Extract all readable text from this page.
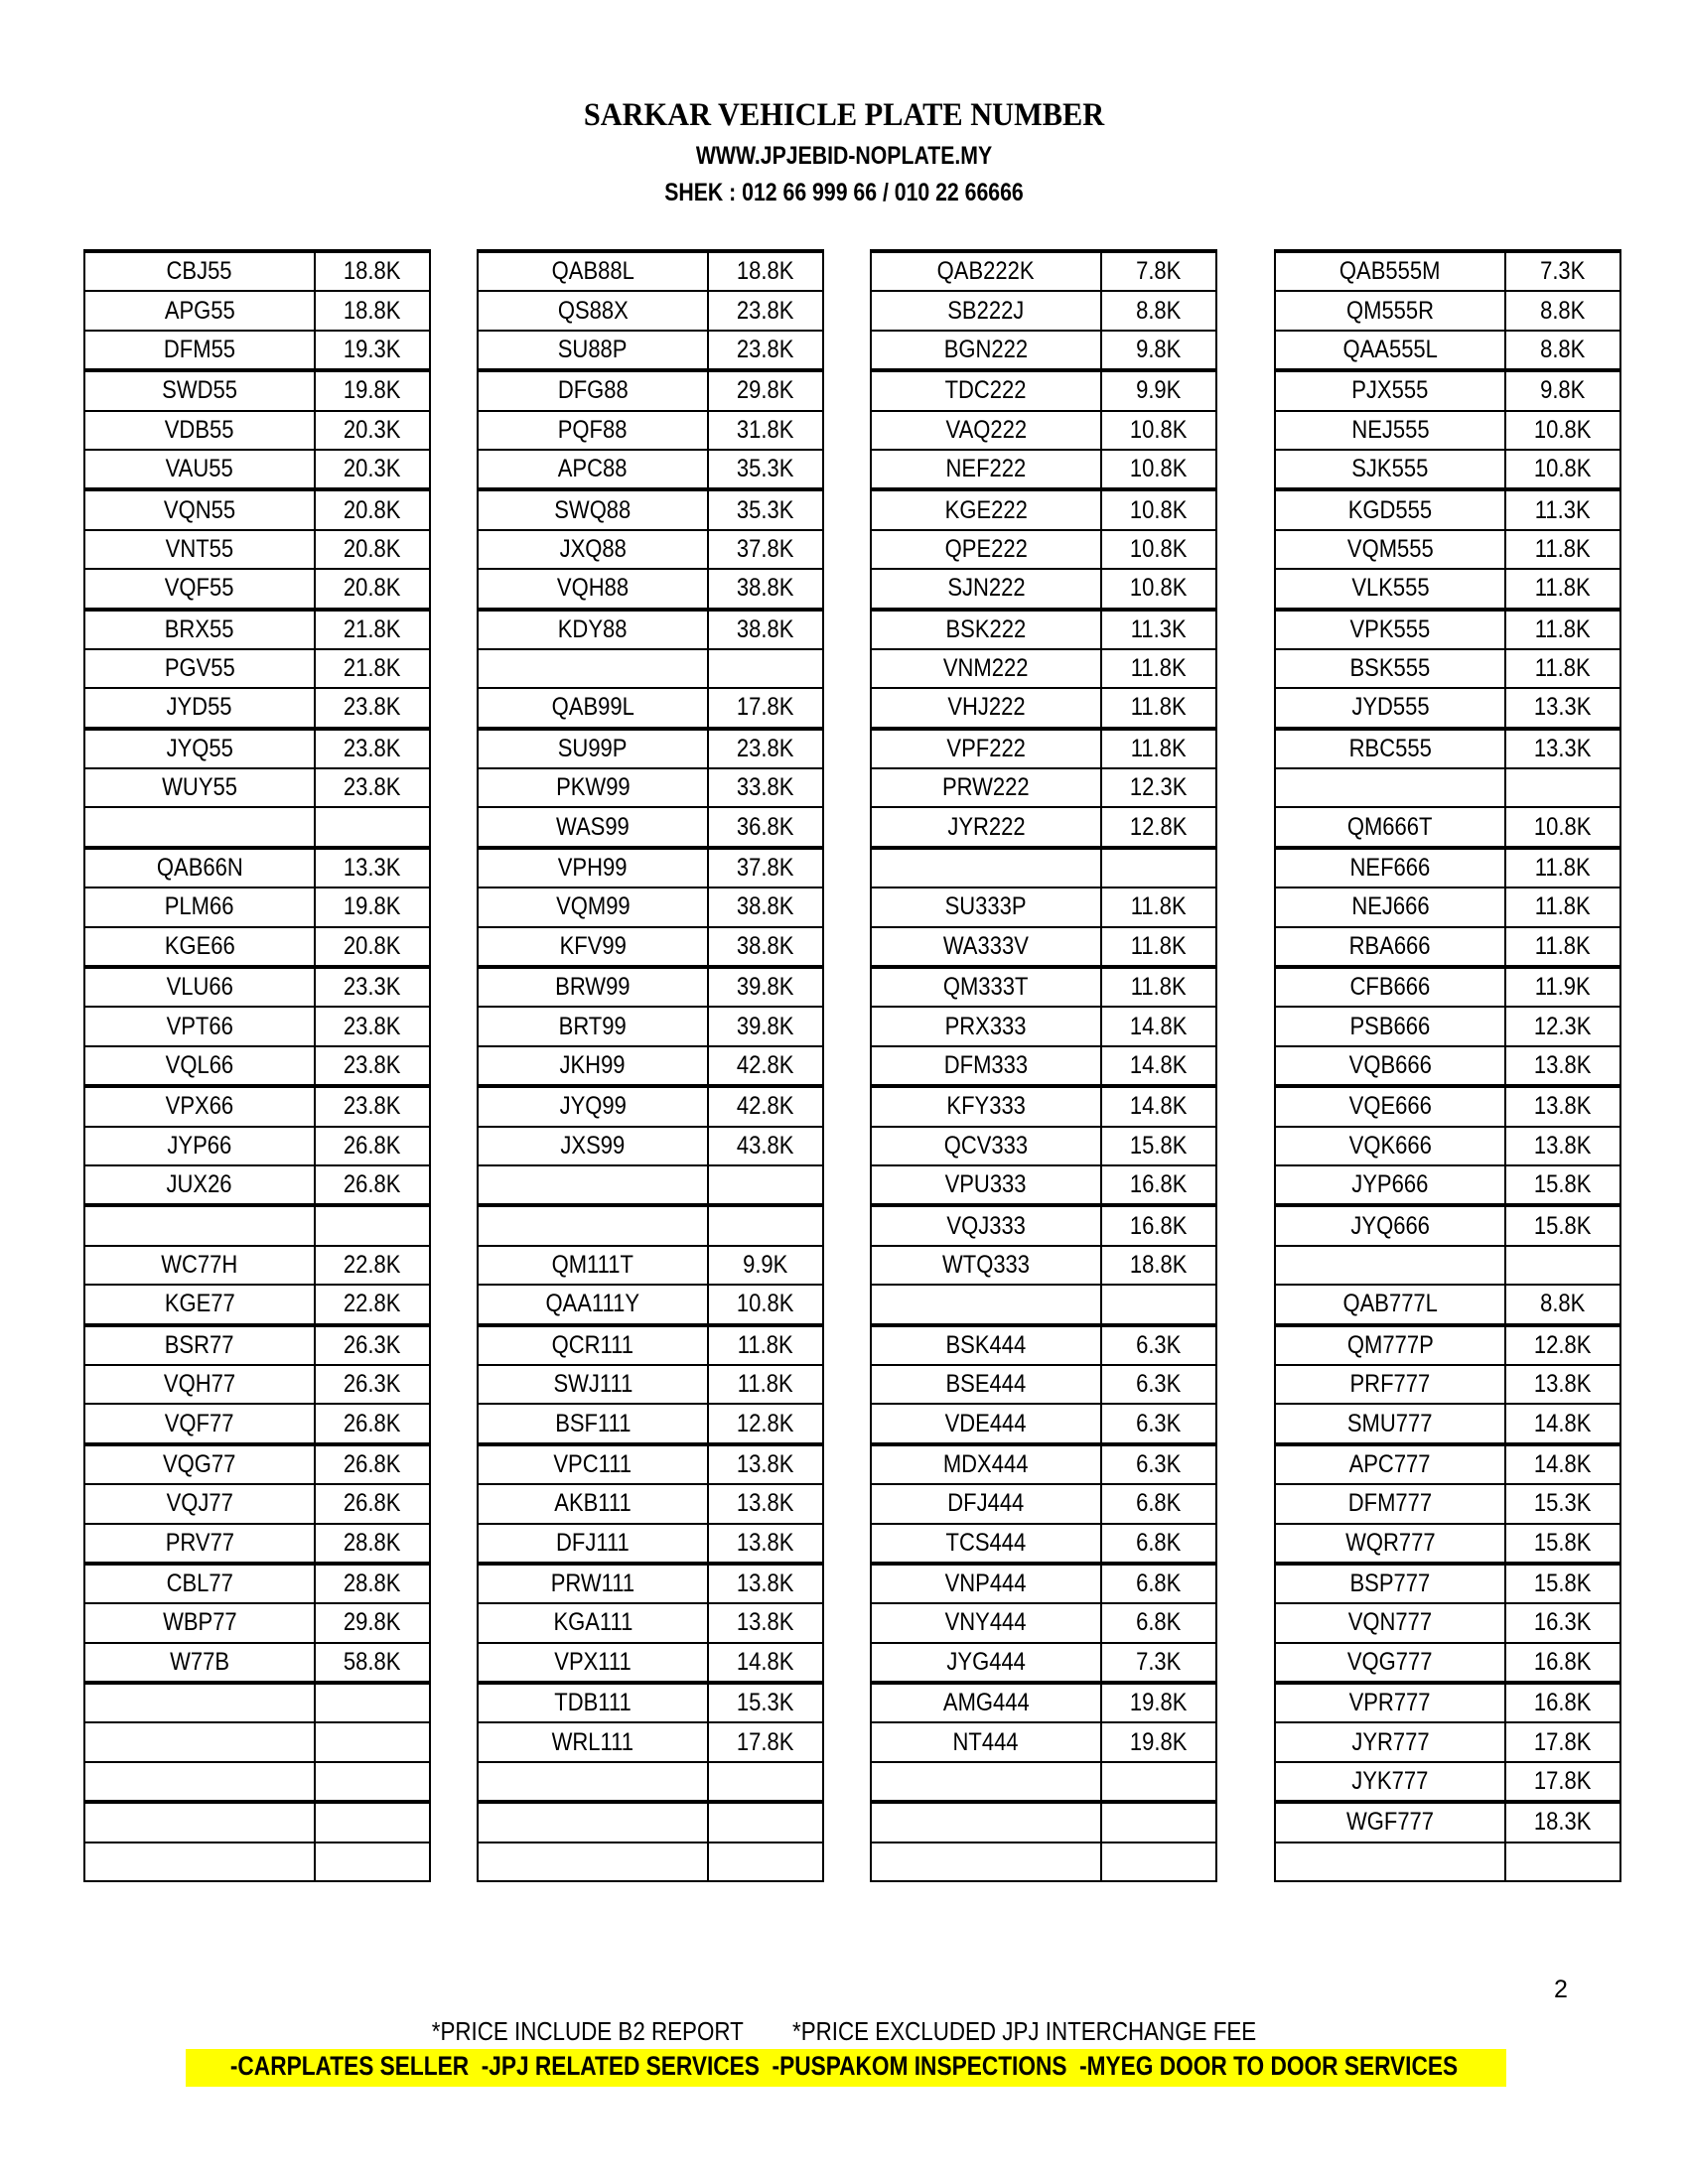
SARKAR VEHICLE PLATE NUMBER
WWW.JPJEBID-NOPLATE.MY
SHEK : 012 66 999 66 / 010 22 66666
CBJ55	18.8K
APG55	18.8K
DFM55	19.3K
SWD55	19.8K
VDB55	20.3K
VAU55	20.3K
VQN55	20.8K
VNT55	20.8K
VQF55	20.8K
BRX55	21.8K
PGV55	21.8K
JYD55	23.8K
JYQ55	23.8K
WUY55	23.8K

QAB66N	13.3K
PLM66	19.8K
KGE66	20.8K
VLU66	23.3K
VPT66	23.8K
VQL66	23.8K
VPX66	23.8K
JYP66	26.8K
JUX26	26.8K

WC77H	22.8K
KGE77	22.8K
BSR77	26.3K
VQH77	26.3K
VQF77	26.8K
VQG77	26.8K
VQJ77	26.8K
PRV77	28.8K
CBL77	28.8K
WBP77	29.8K
W77B	58.8K

QAB88L	18.8K
QS88X	23.8K
SU88P	23.8K
DFG88	29.8K
PQF88	31.8K
APC88	35.3K
SWQ88	35.3K
JXQ88	37.8K
VQH88	38.8K
KDY88	38.8K

QAB99L	17.8K
SU99P	23.8K
PKW99	33.8K
WAS99	36.8K
VPH99	37.8K
VQM99	38.8K
KFV99	38.8K
BRW99	39.8K
BRT99	39.8K
JKH99	42.8K
JYQ99	42.8K
JXS99	43.8K

QM111T	9.9K
QAA111Y	10.8K
QCR111	11.8K
SWJ111	11.8K
BSF111	12.8K
VPC111	13.8K
AKB111	13.8K
DFJ111	13.8K
PRW111	13.8K
KGA111	13.8K
VPX111	14.8K
TDB111	15.3K
WRL111	17.8K

QAB222K	7.8K
SB222J	8.8K
BGN222	9.8K
TDC222	9.9K
VAQ222	10.8K
NEF222	10.8K
KGE222	10.8K
QPE222	10.8K
SJN222	10.8K
BSK222	11.3K
VNM222	11.8K
VHJ222	11.8K
VPF222	11.8K
PRW222	12.3K
JYR222	12.8K

SU333P	11.8K
WA333V	11.8K
QM333T	11.8K
PRX333	14.8K
DFM333	14.8K
KFY333	14.8K
QCV333	15.8K
VPU333	16.8K
VQJ333	16.8K
WTQ333	18.8K

BSK444	6.3K
BSE444	6.3K
VDE444	6.3K
MDX444	6.3K
DFJ444	6.8K
TCS444	6.8K
VNP444	6.8K
VNY444	6.8K
JYG444	7.3K
AMG444	19.8K
NT444	19.8K

QAB555M	7.3K
QM555R	8.8K
QAA555L	8.8K
PJX555	9.8K
NEJ555	10.8K
SJK555	10.8K
KGD555	11.3K
VQM555	11.8K
VLK555	11.8K
VPK555	11.8K
BSK555	11.8K
JYD555	13.3K
RBC555	13.3K

QM666T	10.8K
NEF666	11.8K
NEJ666	11.8K
RBA666	11.8K
CFB666	11.9K
PSB666	12.3K
VQB666	13.8K
VQE666	13.8K
VQK666	13.8K
JYP666	15.8K
JYQ666	15.8K

QAB777L	8.8K
QM777P	12.8K
PRF777	13.8K
SMU777	14.8K
APC777	14.8K
DFM777	15.3K
WQR777	15.8K
BSP777	15.8K
VQN777	16.3K
VQG777	16.8K
VPR777	16.8K
JYR777	17.8K
JYK777	17.8K
WGF777	18.3K

2
*PRICE INCLUDE B2 REPORT        *PRICE EXCLUDED JPJ INTERCHANGE FEE
-CARPLATES SELLER  -JPJ RELATED SERVICES  -PUSPAKOM INSPECTIONS  -MYEG DOOR TO DOOR SERVICES
